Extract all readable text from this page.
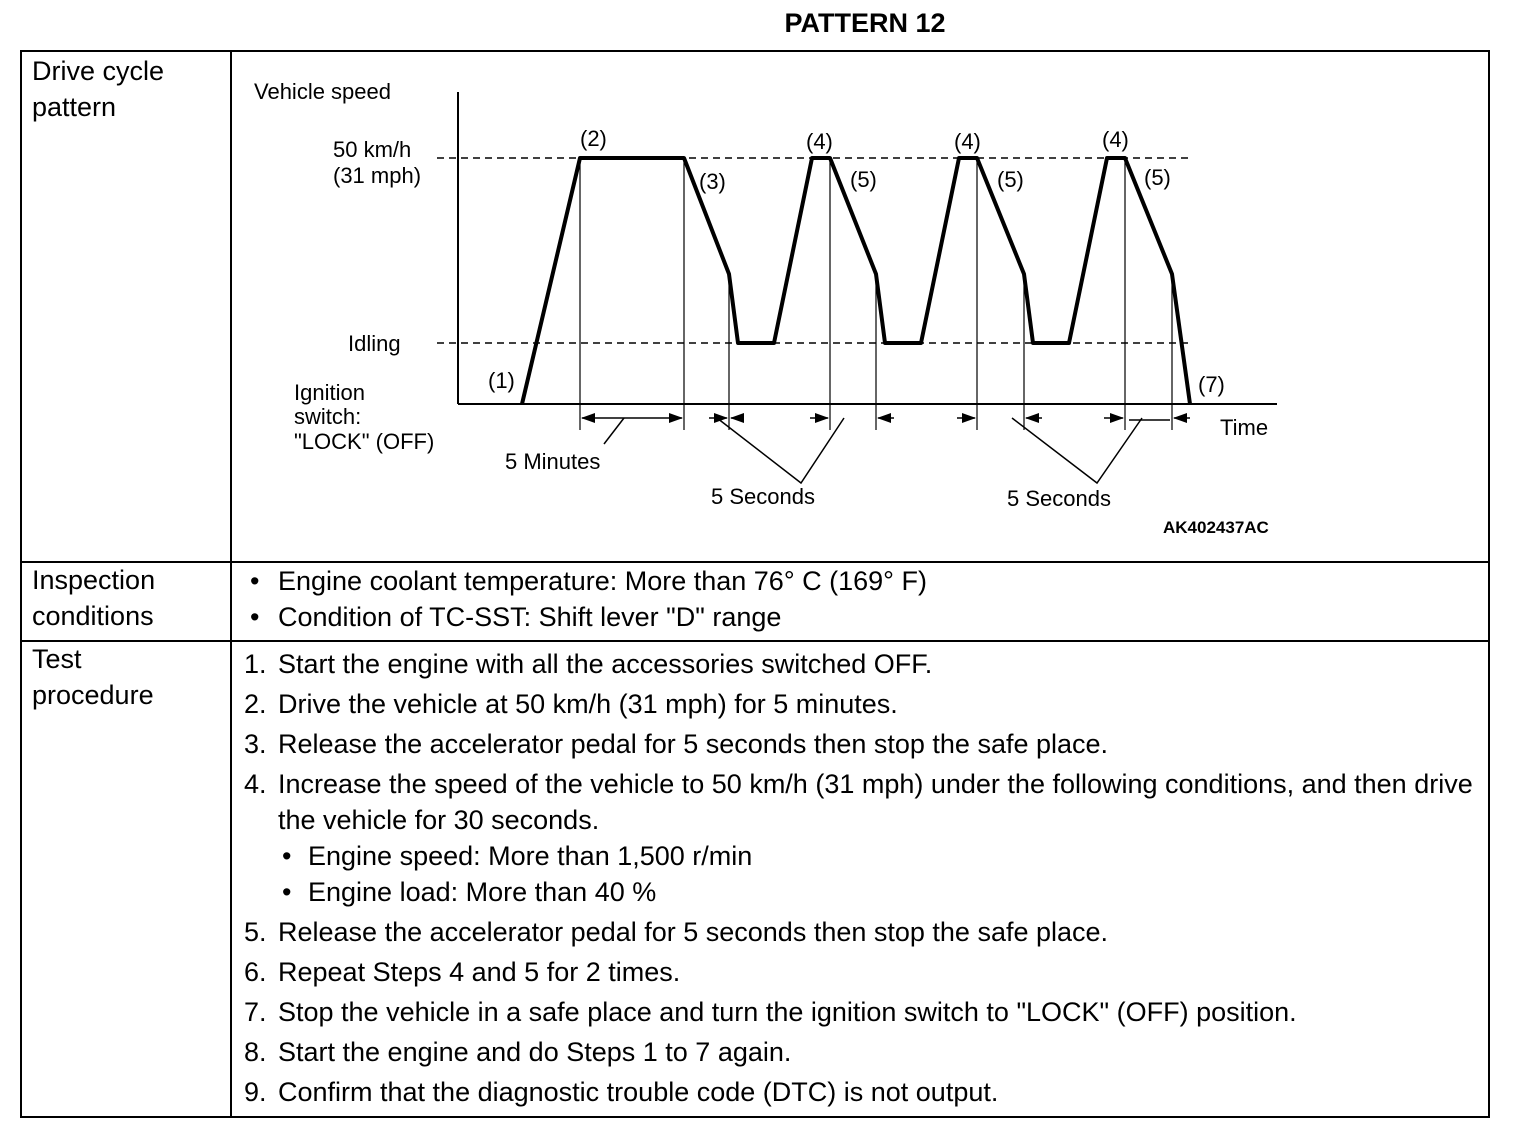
PATTERN 12
Drive cycle
pattern
Inspection
conditions
Test
procedure
Vehicle speed
50 km/h
(31 mph)
Idling
Ignition
switch:
"LOCK" (OFF)
Time
(1)
(2)
(3)
(4)
(5)
(4)
(5)
(4)
(5)
(7)
5 Minutes
5 Seconds	5 Seconds
AK402437AC
• Engine coolant temperature: More than 76° C (169° F)
• Condition of TC-SST: Shift lever "D" range
1. Start the engine with all the accessories switched OFF.
2. Drive the vehicle at 50 km/h (31 mph) for 5 minutes.
3. Release the accelerator pedal for 5 seconds then stop the safe place.
4. Increase the speed of the vehicle to 50 km/h (31 mph) under the following conditions, and then drive the vehicle for 30 seconds.
• Engine speed: More than 1,500 r/min
• Engine load: More than 40 %
5. Release the accelerator pedal for 5 seconds then stop the safe place.
6. Repeat Steps 4 and 5 for 2 times.
7. Stop the vehicle in a safe place and turn the ignition switch to "LOCK" (OFF) position.
8. Start the engine and do Steps 1 to 7 again.
9. Confirm that the diagnostic trouble code (DTC) is not output.
